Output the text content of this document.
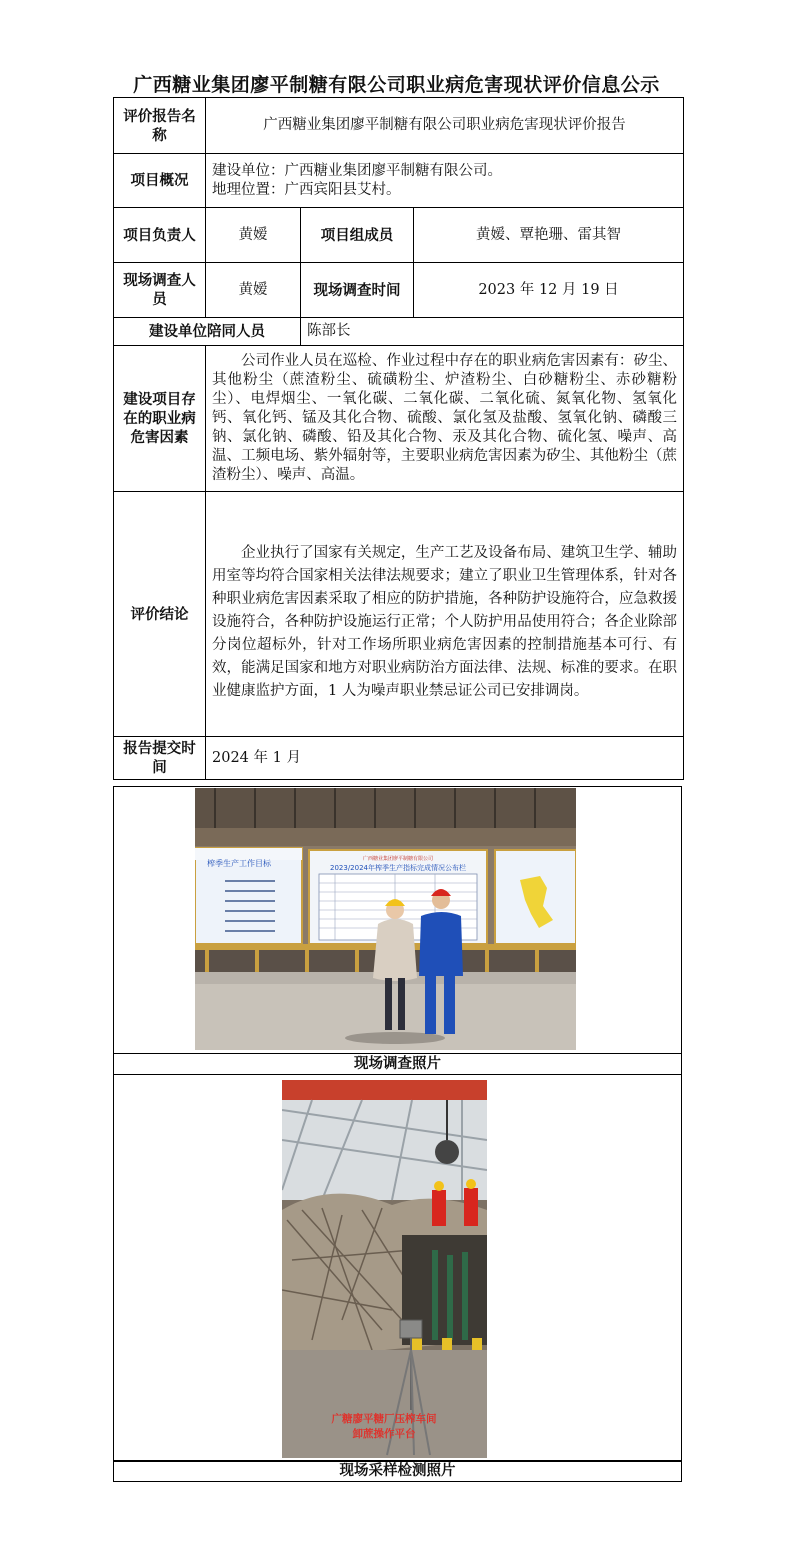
广西糖业集团廖平制糖有限公司职业病危害现状评价信息公示
评价报告名称	广西糖业集团廖平制糖有限公司职业病危害现状评价报告		
项目概况	建设单位：广西糖业集团廖平制糖有限公司。
地理位置：广西宾阳县艾村。		

项目负责人	黄嫒	项目组成员	黄嫒、覃艳珊、雷其智
现场调查人员	黄嫒	现场调查时间	2023 年 12 月 19 日
建设单位陪同人员		陈部长	
建设项目存在的职业病危害因素	公司作业人员在巡检、作业过程中存在的职业病危害因素有：矽尘、其他粉尘（蔗渣粉尘、硫磺粉尘、炉渣粉尘、白砂糖粉尘、赤砂糖粉尘）、电焊烟尘、一氧化碳、二氧化碳、二氧化硫、氮氧化物、氢氧化钙、氧化钙、锰及其化合物、硫酸、氯化氢及盐酸、氢氧化钠、磷酸三钠、氯化钠、磷酸、铅及其化合物、汞及其化合物、硫化氢、噪声、高温、工频电场、紫外辐射等，主要职业病危害因素为矽尘、其他粉尘（蔗渣粉尘）、噪声、高温。		

评价结论	企业执行了国家有关规定，生产工艺及设备布局、建筑卫生学、辅助用室等均符合国家相关法律法规要求；建立了职业卫生管理体系，针对各种职业病危害因素采取了相应的防护措施，各种防护设施符合，应急救援设施符合，各种防护设施运行正常；个人防护用品使用符合；各企业除部分岗位超标外，针对工作场所职业病危害因素的控制措施基本可行、有效，能满足国家和地方对职业病防治方面法律、法规、标准的要求。在职业健康监护方面，1 人为噪声职业禁忌证公司已安排调岗。		

报告提交时间	2024 年 1 月		
榨季生产工作目标	广西糖业集团廖平制糖有限公司
2023/2024年榨季生产指标完成情况公布栏
现场调查照片
广糖廖平糖厂压榨车间
卸蔗操作平台
现场采样检测照片
